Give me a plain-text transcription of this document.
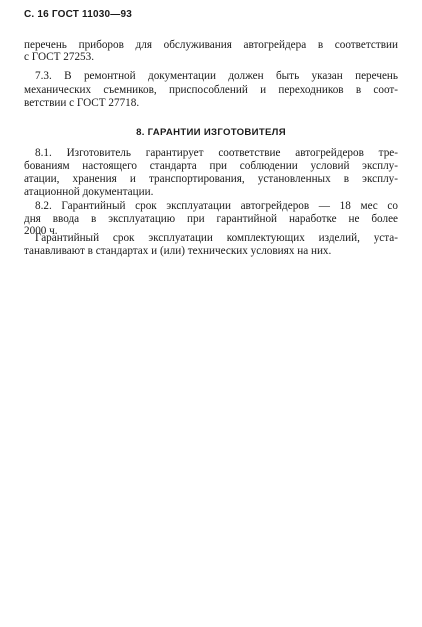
С. 16 ГОСТ 11030—93
перечень приборов для обслуживания автогрейдера в соответствии
с ГОСТ 27253.
7.3. В ремонтной документации должен быть указан перечень
механических съемников, приспособлений и переходников в соот-
ветствии с ГОСТ 27718.
8. ГАРАНТИИ ИЗГОТОВИТЕЛЯ
8.1. Изготовитель гарантирует соответствие автогрейдеров тре-
бованиям настоящего стандарта при соблюдении условий эксплу-
атации, хранения и транспортирования, установленных в эксплу-
атационной документации.
8.2. Гарантийный срок эксплуатации автогрейдеров — 18 мес со
дня ввода в эксплуатацию при гарантийной наработке не более
2000 ч.
Гарантийный срок эксплуатации комплектующих изделий, уста-
танавливают в стандартах и (или) технических условиях на них.
